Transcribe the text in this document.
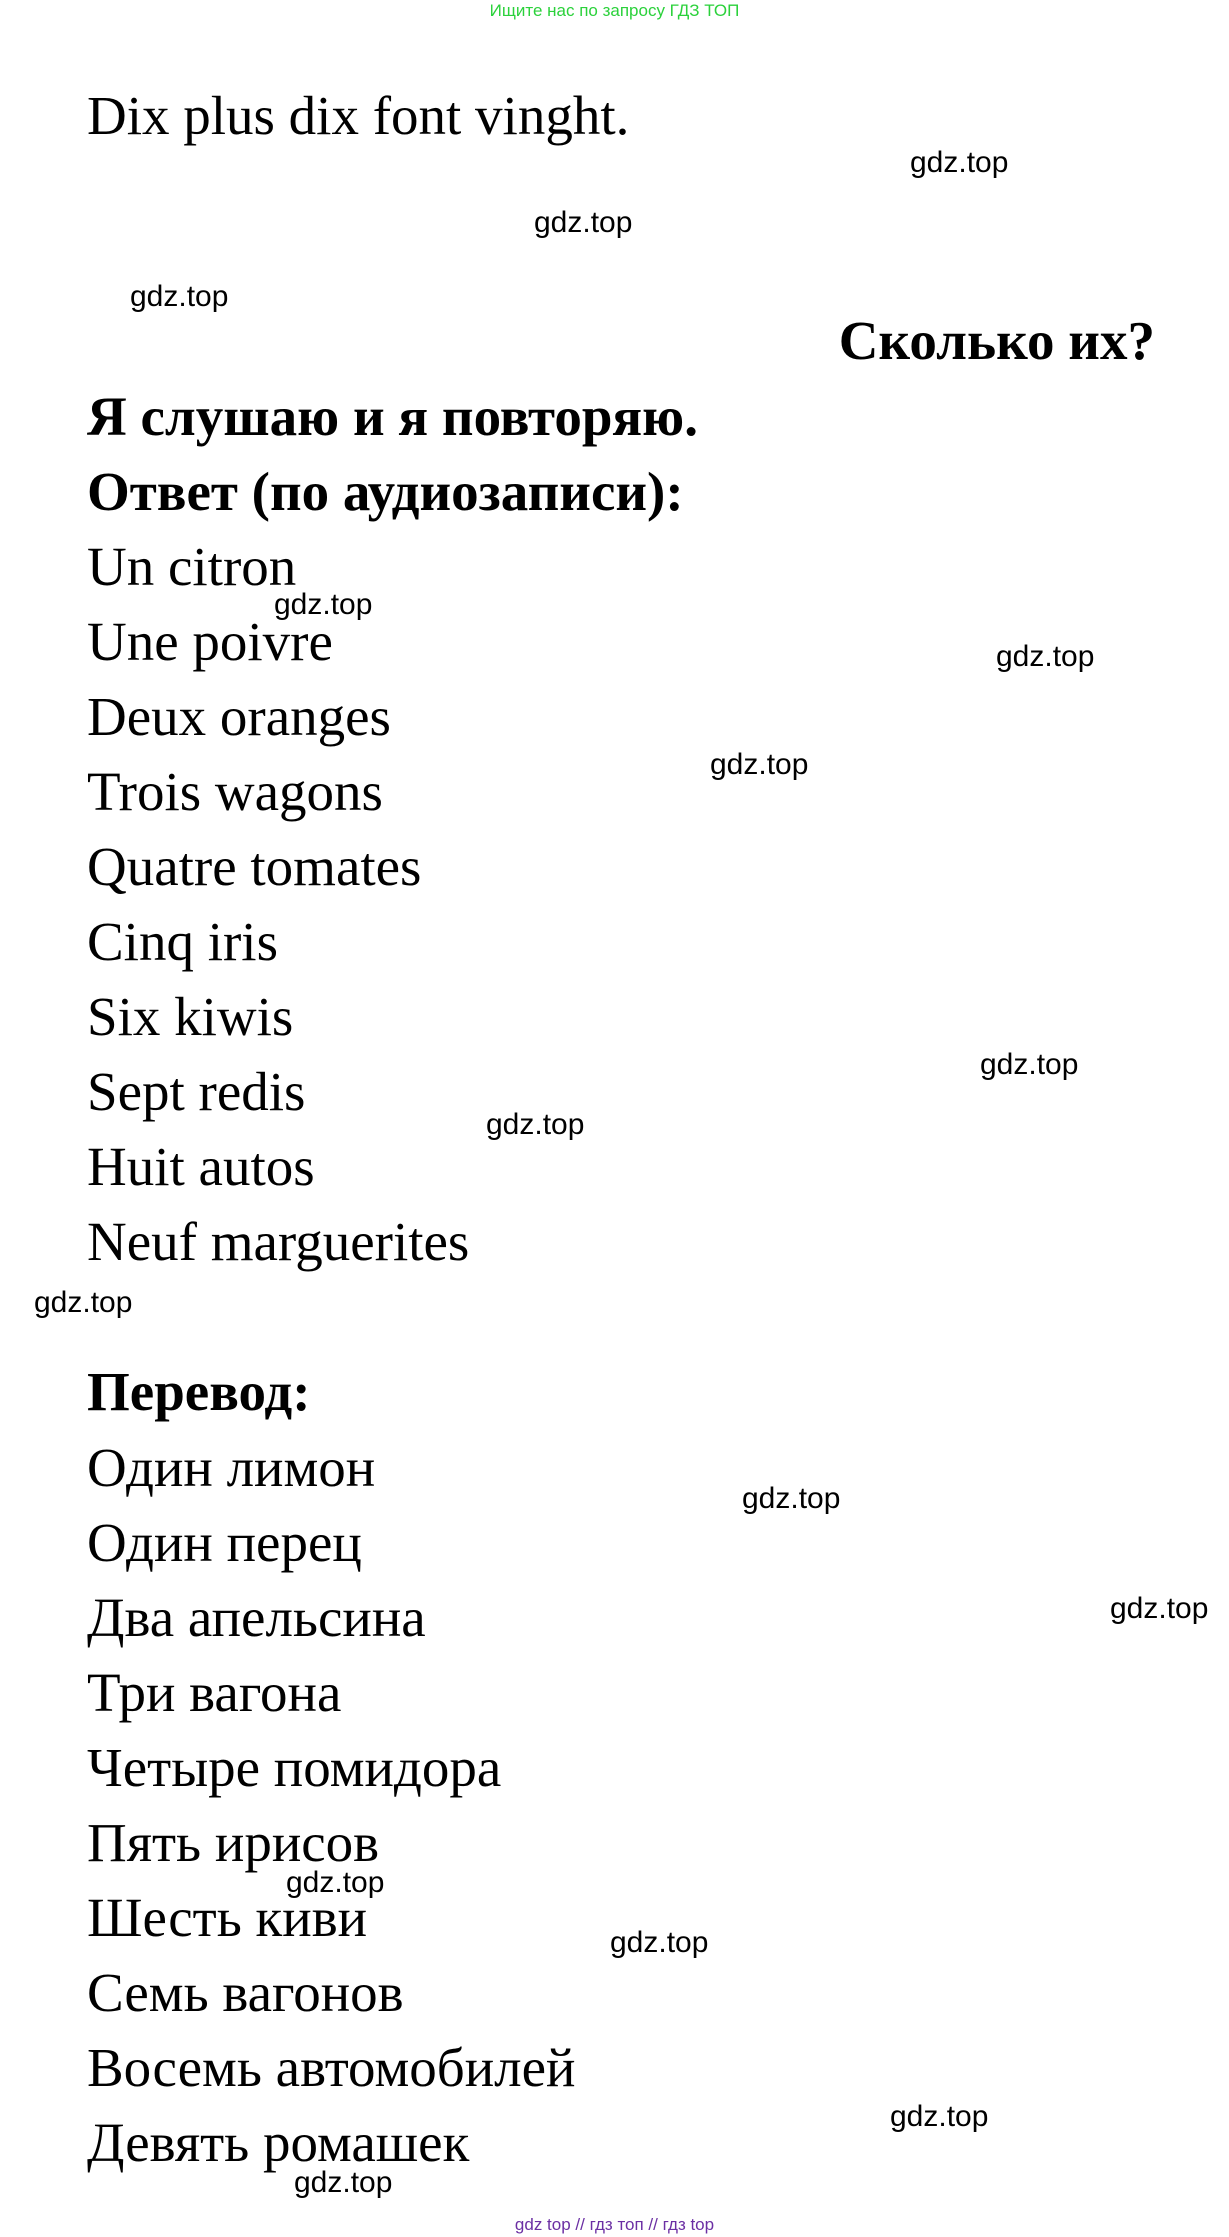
Ищите нас по запросу ГДЗ ТОП
Dix plus dix font vinght.
Сколько их?
Я слушаю и я повторяю.
Ответ (по аудиозаписи):
Un citron
Une poivre
Deux oranges
Trois wagons
Quatre tomates
Cinq iris
Six kiwis
Sept redis
Huit autos
Neuf marguerites
Перевод:
Один лимон
Один перец
Два апельсина
Три вагона
Четыре помидора
Пять ирисов
Шесть киви
Семь вагонов
Восемь автомобилей
Девять ромашек
gdz.top
gdz.top
gdz.top
gdz.top
gdz.top
gdz.top
gdz.top
gdz.top
gdz.top
gdz.top
gdz.top
gdz.top
gdz.top
gdz.top
gdz.top
gdz top // гдз топ // гдз top
